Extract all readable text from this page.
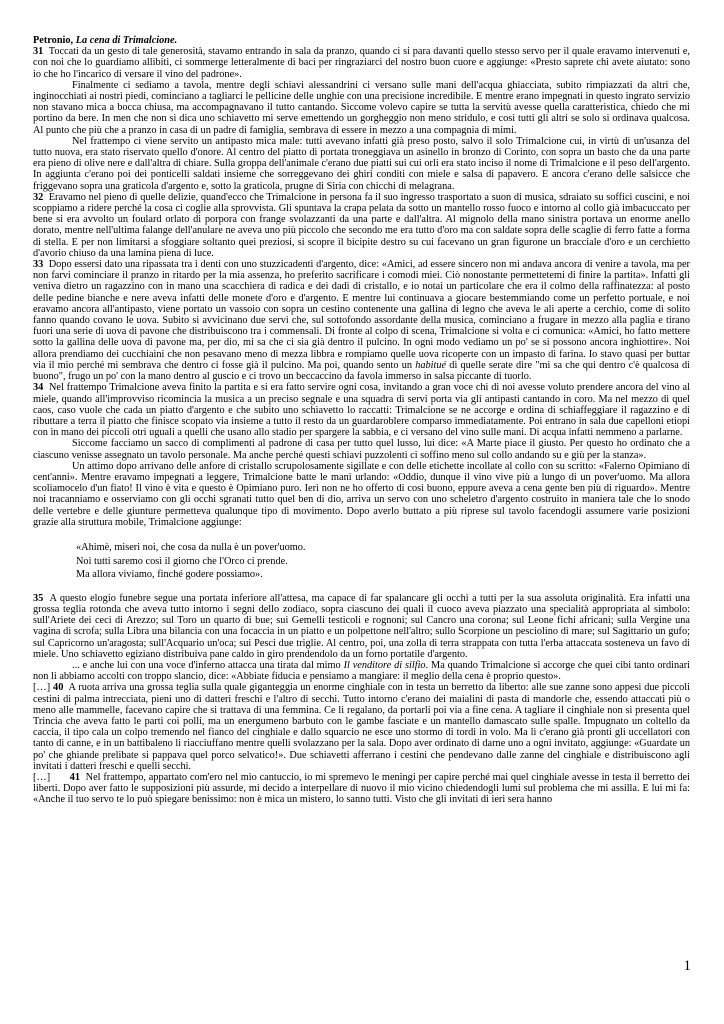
Petronio, La cena di Trimalcione.

31 Toccati da un gesto di tale generosità, stavamo entrando in sala da pranzo, quando ci si para davanti quello stesso servo per il quale eravamo intervenuti e, con noi che lo guardiamo allibiti, ci sommerge letteralmente di baci per ringraziarci del nostro buon cuore e aggiunge: «Presto saprete chi avete aiutato: sono io che ho l'incarico di versare il vino del padrone».

Finalmente ci sediamo a tavola, mentre degli schiavi alessandrini ci versano sulle mani dell'acqua ghiacciata, subito rimpiazzati da altri che, inginocchiati ai nostri piedi, cominciano a tagliarci le pellicine delle unghie con una precisione incredibile. E mentre erano impegnati in questo ingrato servizio non stavano mica a bocca chiusa, ma accompagnavano il tutto cantando. Siccome volevo capire se tutta la servitù avesse quella caratteristica, chiedo che mi portino da bere. In men che non si dica uno schiavetto mi serve emettendo un gorgheggio non meno stridulo, e così tutti gli altri se solo si ordinava qualcosa. Al punto che più che a pranzo in casa di un padre di famiglia, sembrava di essere in mezzo a una compagnia di mimi.

Nel frattempo ci viene servito un antipasto mica male: tutti avevano infatti già preso posto, salvo il solo Trimalcione cui, in virtù di un'usanza del tutto nuova, era stato riservato quello d'onore. Al centro del piatto di portata troneggiava un asinello in bronzo di Corinto, con sopra un basto che da una parte era pieno di olive nere e dall'altra di chiare. Sulla groppa dell'animale c'erano due piatti sui cui orli era stato inciso il nome di Trimalcione e il peso dell'argento. In aggiunta c'erano poi dei ponticelli saldati insieme che sorreggevano dei ghiri conditi con miele e salsa di papavero. E ancora c'erano delle salsicce che friggevano sopra una graticola d'argento e, sotto la graticola, prugne di Siria con chicchi di melagrana.

32 Eravamo nel pieno di quelle delizie, quand'ecco che Trimalcione in persona fa il suo ingresso trasportato a suon di musica, sdraiato su soffici cuscini, e noi scoppiamo a ridere perché la cosa ci coglie alla sprovvista. Gli spuntava la crapa pelata da sotto un mantello rosso fuoco e intorno al collo già imbacuccato per bene si era avvolto un foulard orlato di porpora con frange svolazzanti da una parte e dall'altra. Al mignolo della mano sinistra portava un enorme anello dorato, mentre nell'ultima falange dell'anulare ne aveva uno più piccolo che secondo me era tutto d'oro ma con saldate sopra delle scaglie di ferro fatte a forma di stella. E per non limitarsi a sfoggiare soltanto quei preziosi, si scopre il bicipite destro su cui facevano un gran figurone un bracciale d'oro e un cerchietto d'avorio chiuso da una lamina piena di luce.

33 Dopo essersi dato una ripassata tra i denti con uno stuzzicadenti d'argento, dice: «Amici, ad essere sincero non mi andava ancora di venire a tavola, ma per non farvi cominciare il pranzo in ritardo per la mia assenza, ho preferito sacrificare i comodi miei. Ciò nonostante permettetemi di finire la partita». Infatti gli veniva dietro un ragazzino con in mano una scacchiera di radica e dei dadi di cristallo, e io notai un particolare che era il colmo della raffinatezza: al posto delle pedine bianche e nere aveva infatti delle monete d'oro e d'argento. E mentre lui continuava a giocare bestemmiando come un perfetto portuale, e noi eravamo ancora all'antipasto, viene portato un vassoio con sopra un cestino contenente una gallina di legno che aveva le ali aperte a cerchio, come di solito fanno quando covano le uova. Subito si avvicinano due servi che, sul sottofondo assordante della musica, cominciano a frugare in mezzo alla paglia e tirano fuori una serie di uova di pavone che distribuiscono tra i commensali. Di fronte al colpo di scena, Trimalcione si volta e ci comunica: «Amici, ho fatto mettere sotto la gallina delle uova di pavone ma, per dio, mi sa che ci sia già dentro il pulcino. In ogni modo vediamo un po' se si possono ancora inghiottire». Noi allora prendiamo dei cucchiaini che non pesavano meno di mezza libbra e rompiamo quelle uova ricoperte con un impasto di farina. Io stavo quasi per buttar via il mio perché mi sembrava che dentro ci fosse già il pulcino. Ma poi, quando sento un habitué di quelle serate dire "mi sa che qui dentro c'è qualcosa di buono", frugo un po' con la mano dentro al guscio e ci trovo un beccaccino da favola immerso in salsa piccante di tuorlo.

34 Nel frattempo Trimalcione aveva finito la partita e si era fatto servire ogni cosa, invitando a gran voce chi di noi avesse voluto prendere ancora del vino al miele, quando all'improvviso ricomincia la musica a un preciso segnale e una squadra di servi porta via gli antipasti cantando in coro. Ma nel mezzo di quel caos, caso vuole che cada un piatto d'argento e che subito uno schiavetto lo raccatti: Trimalcione se ne accorge e ordina di schiaffeggiare il ragazzino e di ributtare a terra il piatto che finisce scopato via insieme a tutto il resto da un guardaroblere comparso immediatamente. Poi entrano in sala due capelloni etiopi con in mano dei piccoli otri uguali a quelli che usano allo stadio per spargere la sabbia, e ci versano del vino sulle mani. Di acqua infatti nemmeno a parlarne.

Siccome facciamo un sacco di complimenti al padrone di casa per tutto quel lusso, lui dice: «A Marte piace il giusto. Per questo ho ordinato che a ciascuno venisse assegnato un tavolo personale. Ma anche perché questi schiavi puzzolenti ci soffino meno sul collo andando su e giù per la stanza».

Un attimo dopo arrivano delle anfore di cristallo scrupolosamente sigillate e con delle etichette incollate al collo con su scritto: «Falerno Opimiano di cent'anni». Mentre eravamo impegnati a leggere, Trimalcione batte le mani urlando: «Oddio, dunque il vino vive più a lungo di un pover'uomo. Ma allora scoliamocelo d'un fiato! Il vino è vita e questo è Opimiano puro. Ieri non ne ho offerto di così buono, eppure aveva a cena gente ben più di riguardo». Mentre noi tracanniamo e osserviamo con gli occhi sgranati tutto quel ben di dio, arriva un servo con uno scheletro d'argento costruito in maniera tale che lo snodo delle vertebre e delle giunture permetteva qualunque tipo di movimento. Dopo averlo buttato a più riprese sul tavolo facendogli assumere varie posizioni grazie alla struttura mobile, Trimalcione aggiunge:

«Ahimè, miseri noi, che cosa da nulla è un pover'uomo.
Noi tutti saremo così il giorno che l'Orco ci prende.
Ma allora viviamo, finché godere possiamo».

35 A questo elogio funebre segue una portata inferiore all'attesa, ma capace di far spalancare gli occhi a tutti per la sua assoluta originalità. Era infatti una grossa teglia rotonda che aveva tutto intorno i segni dello zodiaco, sopra ciascuno dei quali il cuoco aveva piazzato una specialità appropriata al simbolo: sull'Ariete dei ceci di Arezzo; sul Toro un quarto di bue; sui Gemelli testicoli e rognoni; sul Cancro una corona; sul Leone fichi africani; sulla Vergine una vagina di scrofa; sulla Libra una bilancia con una focaccia in un piatto e un polpettone nell'altro; sullo Scorpione un pesciolino di mare; sul Sagittario un gufo; sul Capricorno un'aragosta; sull'Acquario un'oca; sui Pesci due triglie. Al centro, poi, una zolla di terra strappata con tutta l'erba attaccata sosteneva un favo di miele. Uno schiavetto egiziano distribuiva pane caldo in giro prendendolo da un forno portatile d'argento.

... e anche lui con una voce d'inferno attacca una tirata dal mimo Il venditore di silfio. Ma quando Trimalcione si accorge che quei cibi tanto ordinari non li abbiamo accolti con troppo slancio, dice: «Abbiate fiducia e pensiamo a mangiare: il meglio della cena è proprio questo».

[…] 40 A ruota arriva una grossa teglia sulla quale giganteggia un enorme cinghiale con in testa un berretto da liberto: alle sue zanne sono appesi due piccoli cestini di palma intrecciata, pieni uno di datteri freschi e l'altro di secchi. Tutto intorno c'erano dei maialini di pasta di mandorle che, essendo attaccati più o meno alle mammelle, facevano capire che si trattava di una femmina. Ce li regalano, da portarli poi via a fine cena. A tagliare il cinghiale non si presenta quel Trincia che aveva fatto le parti coi polli, ma un energumeno barbuto con le gambe fasciate e un mantello damascato sulle spalle. Impugnato un coltello da caccia, il tipo cala un colpo tremendo nel fianco del cinghiale e dallo squarcio ne esce uno stormo di tordi in volo. Ma lì c'erano già pronti gli uccellatori con tanto di canne, e in un battibaleno li riacciuffano mentre quelli svolazzano per la sala. Dopo aver ordinato di darne uno a ogni invitato, aggiunge: «Guardate un po' che ghiande prelibate si pappava quel porco selvatico!». Due schiavetti afferrano i cestini che pendevano dalle zanne del cinghiale e distribuiscono agli invitati i datteri freschi e quelli secchi.

[…]       41 Nel frattempo, appartato com'ero nel mio cantuccio, io mi spremevo le meningi per capire perché mai quel cinghiale avesse in testa il berretto dei liberti. Dopo aver fatto le supposizioni più assurde, mi decido a interpellare di nuovo il mio vicino chiedendogli lumi sul problema che mi assilla. E lui mi fa: «Anche il tuo servo te lo può spiegare benissimo: non è mica un mistero, lo sanno tutti. Visto che gli invitati di ieri sera hanno

1
